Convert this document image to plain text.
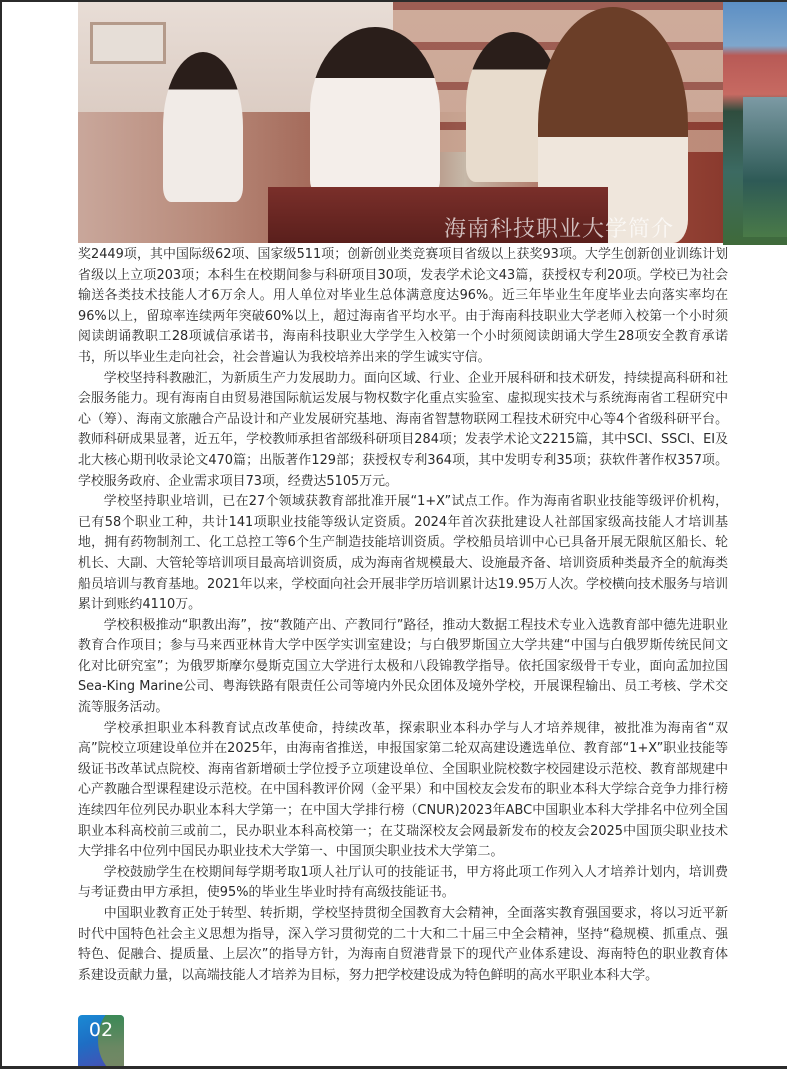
海南科技职业大学简介

奖2449项，其中国际级62项、国家级511项；创新创业类竞赛项目省级以上获奖93项。大学生创新创业训练计划省级以上立项203项；本科生在校期间参与科研项目30项，发表学术论文43篇，获授权专利20项。学校已为社会输送各类技术技能人才6万余人。用人单位对毕业生总体满意度达96%。近三年毕业生年度毕业去向落实率均在96%以上，留琼率连续两年突破60%以上，超过海南省平均水平。由于海南科技职业大学老师入校第一个小时须阅读朗诵教职工28项诚信承诺书，海南科技职业大学学生入校第一个小时须阅读朗诵大学生28项安全教育承诺书，所以毕业生走向社会，社会普遍认为我校培养出来的学生诚实守信。

学校坚持科教融汇，为新质生产力发展助力。面向区域、行业、企业开展科研和技术研发，持续提高科研和社会服务能力。现有海南自由贸易港国际航运发展与物权数字化重点实验室、虚拟现实技术与系统海南省工程研究中心（筹）、海南文旅融合产品设计和产业发展研究基地、海南省智慧物联网工程技术研究中心等4个省级科研平台。教师科研成果显著，近五年，学校教师承担省部级科研项目284项；发表学术论文2215篇，其中SCI、SSCI、EI及北大核心期刊收录论文470篇；出版著作129部；获授权专利364项，其中发明专利35项；获软件著作权357项。学校服务政府、企业需求项目73项，经费达5105万元。

学校坚持职业培训，已在27个领域获教育部批准开展“1+X”试点工作。作为海南省职业技能等级评价机构，已有58个职业工种，共计141项职业技能等级认定资质。2024年首次获批建设人社部国家级高技能人才培训基地，拥有药物制剂工、化工总控工等6个生产制造技能培训资质。学校船员培训中心已具备开展无限航区船长、轮机长、大副、大管轮等培训项目最高培训资质，成为海南省规模最大、设施最齐备、培训资质种类最齐全的航海类船员培训与教育基地。2021年以来，学校面向社会开展非学历培训累计达19.95万人次。学校横向技术服务与培训累计到账约4110万。

学校积极推动“职教出海”，按“教随产出、产教同行”路径，推动大数据工程技术专业入选教育部中德先进职业教育合作项目；参与马来西亚林肯大学中医学实训室建设；与白俄罗斯国立大学共建“中国与白俄罗斯传统民间文化对比研究室”；为俄罗斯摩尔曼斯克国立大学进行太极和八段锦教学指导。依托国家级骨干专业，面向孟加拉国 Sea-King Marine公司、粤海铁路有限责任公司等境内外民众团体及境外学校，开展课程输出、员工考核、学术交流等服务活动。

学校承担职业本科教育试点改革使命，持续改革，探索职业本科办学与人才培养规律，被批准为海南省“双高”院校立项建设单位并在2025年，由海南省推送，申报国家第二轮双高建设遴选单位、教育部“1+X”职业技能等级证书改革试点院校、海南省新增硕士学位授予立项建设单位、全国职业院校数字校园建设示范校、教育部规建中心产教融合型课程建设示范校。在中国科教评价网（金平果）和中国校友会发布的职业本科大学综合竞争力排行榜连续四年位列民办职业本科大学第一；在中国大学排行榜（CNUR)2023年ABC中国职业本科大学排名中位列全国职业本科高校前三或前二，民办职业本科高校第一；在艾瑞深校友会网最新发布的校友会2025中国顶尖职业技术大学排名中位列中国民办职业技术大学第一、中国顶尖职业技术大学第二。

学校鼓励学生在校期间每学期考取1项人社厅认可的技能证书，甲方将此项工作列入人才培养计划内，培训费与考证费由甲方承担，使95%的毕业生毕业时持有高级技能证书。

中国职业教育正处于转型、转折期，学校坚持贯彻全国教育大会精神，全面落实教育强国要求，将以习近平新时代中国特色社会主义思想为指导，深入学习贯彻党的二十大和二十届三中全会精神，坚持“稳规模、抓重点、强特色、促融合、提质量、上层次”的指导方针，为海南自贸港背景下的现代产业体系建设、海南特色的职业教育体系建设贡献力量，以高端技能人才培养为目标，努力把学校建设成为特色鲜明的高水平职业本科大学。

02
